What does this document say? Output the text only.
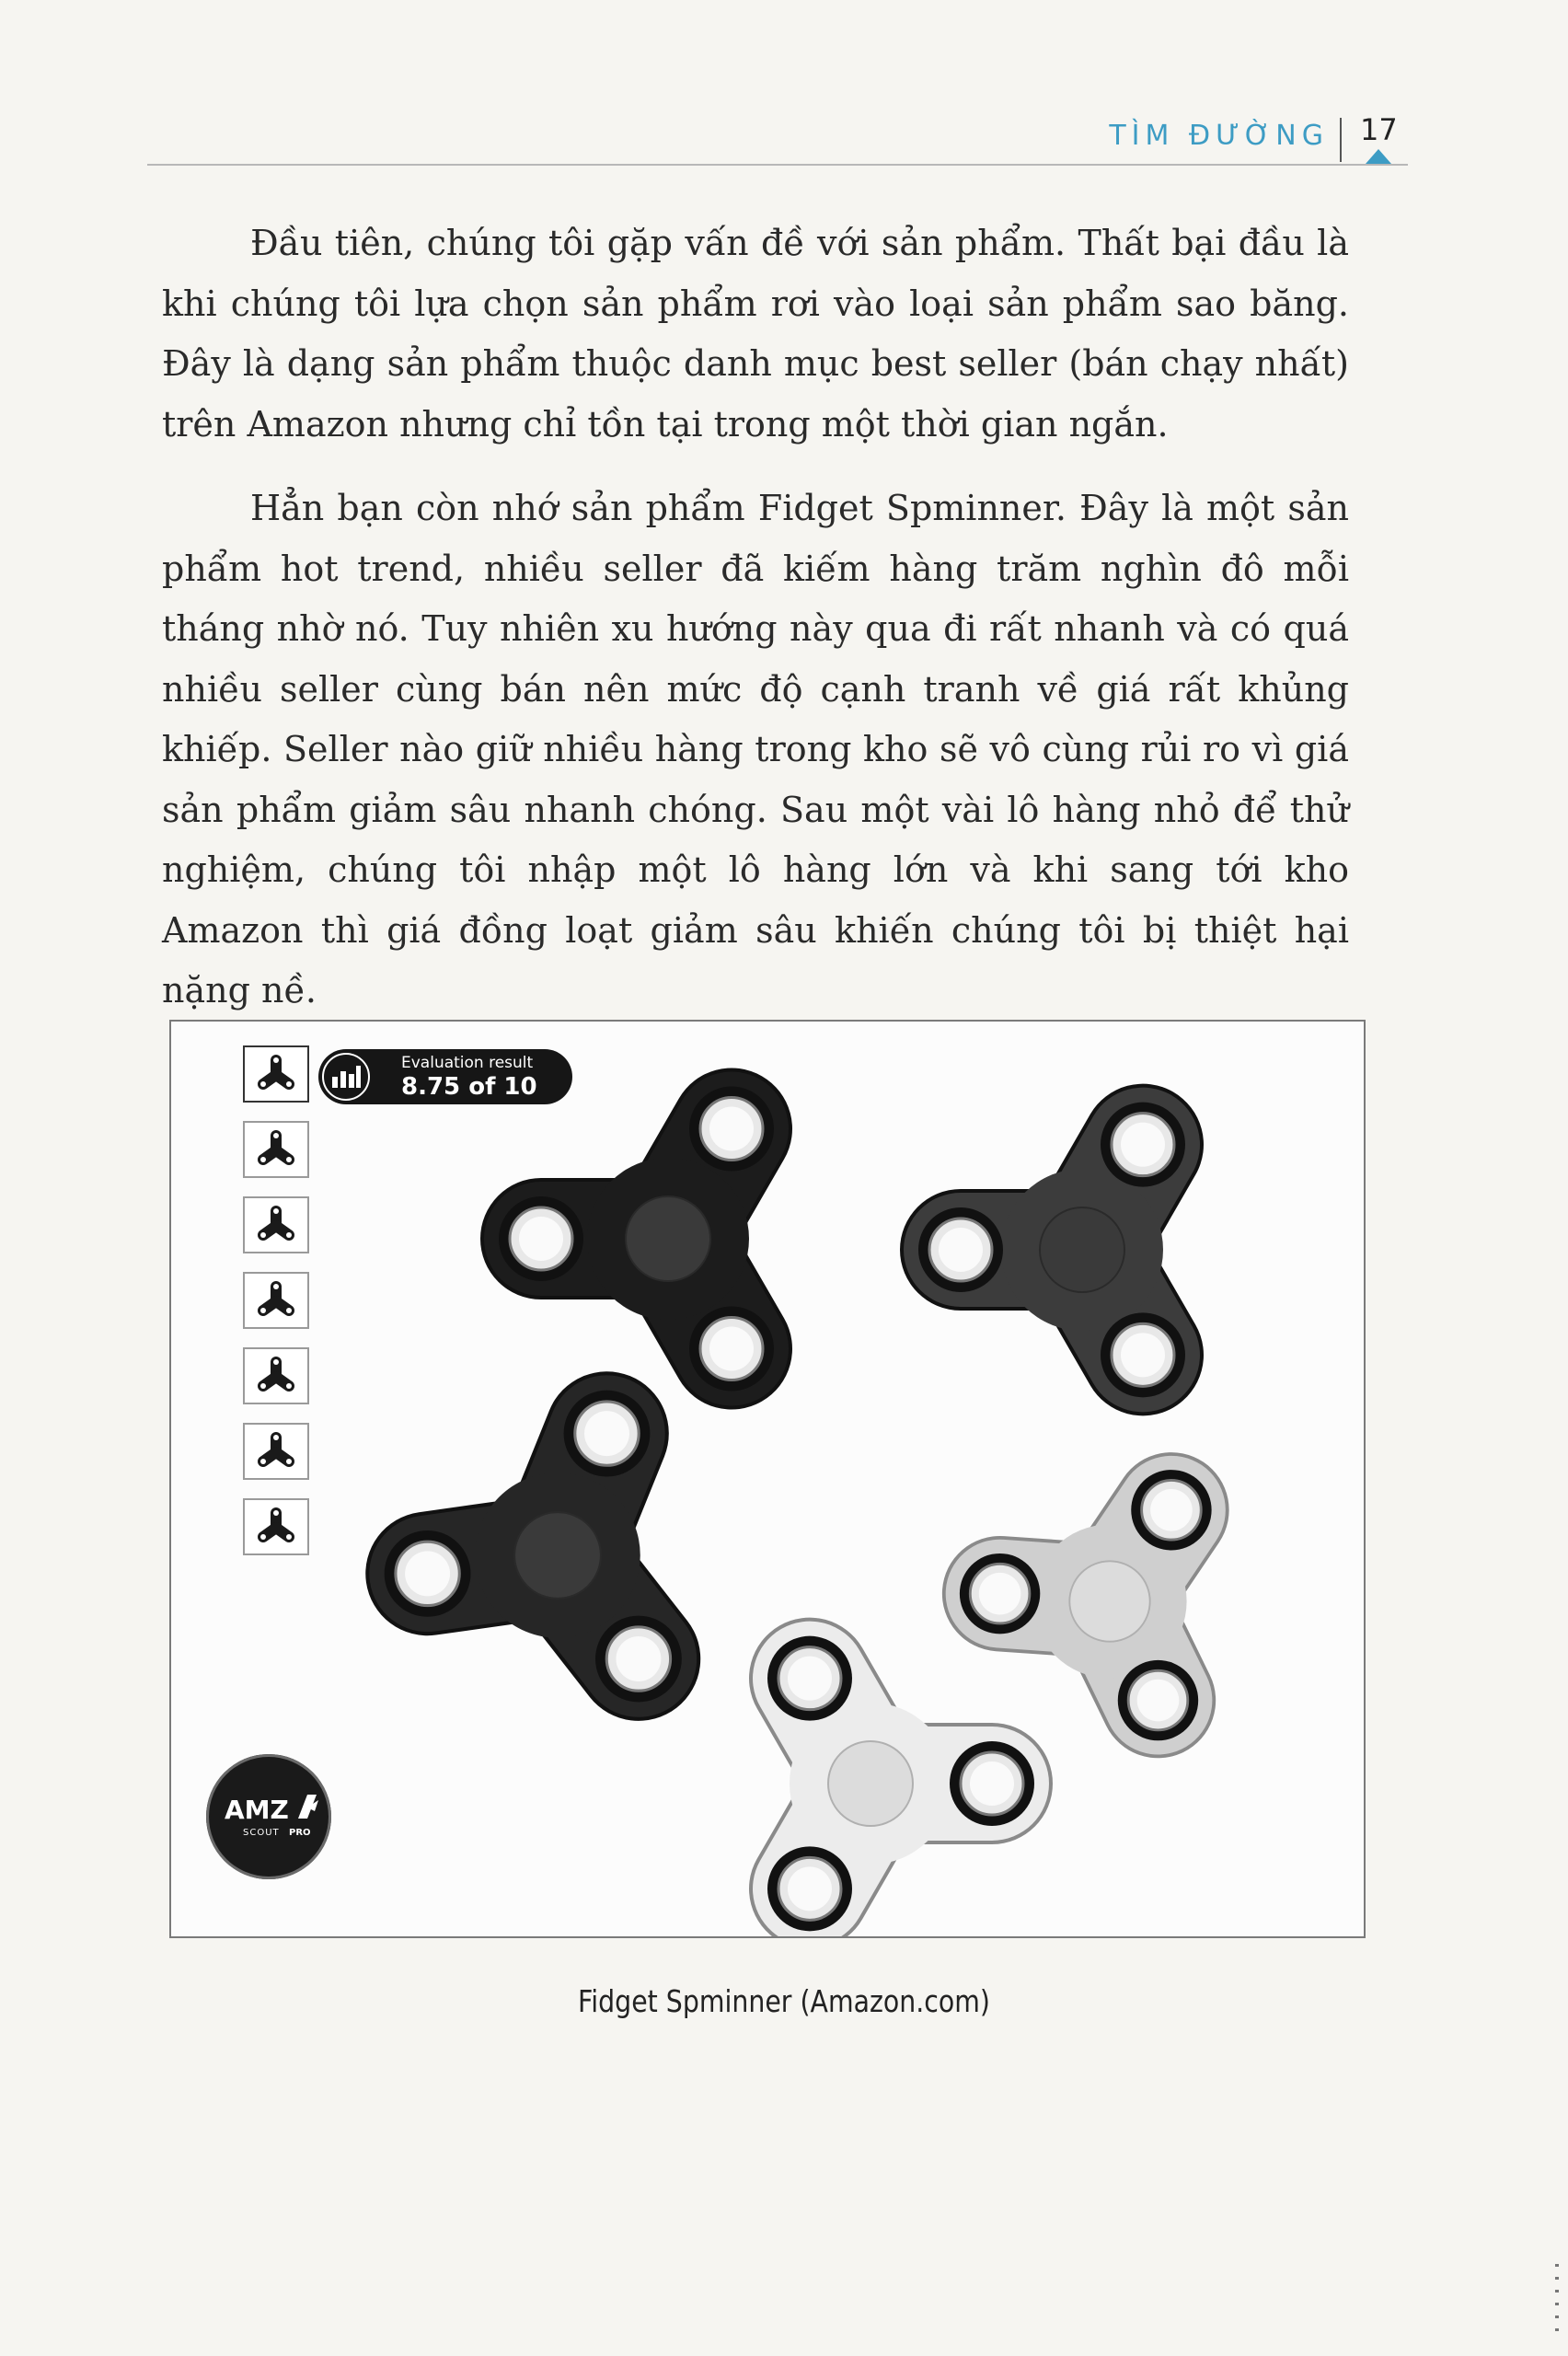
TÌM ĐƯỜNG 17

Đầu tiên, chúng tôi gặp vấn đề với sản phẩm. Thất bại đầu là khi chúng tôi lựa chọn sản phẩm rơi vào loại sản phẩm sao băng. Đây là dạng sản phẩm thuộc danh mục best seller (bán chạy nhất) trên Amazon nhưng chỉ tồn tại trong một thời gian ngắn.

Hẳn bạn còn nhớ sản phẩm Fidget Spminner. Đây là một sản phẩm hot trend, nhiều seller đã kiếm hàng trăm nghìn đô mỗi tháng nhờ nó. Tuy nhiên xu hướng này qua đi rất nhanh và có quá nhiều seller cùng bán nên mức độ cạnh tranh về giá rất khủng khiếp. Seller nào giữ nhiều hàng trong kho sẽ vô cùng rủi ro vì giá sản phẩm giảm sâu nhanh chóng. Sau một vài lô hàng nhỏ để thử nghiệm, chúng tôi nhập một lô hàng lớn và khi sang tới kho Amazon thì giá đồng loạt giảm sâu khiến chúng tôi bị thiệt hại nặng nề.

Evaluation result
8.75 of 10
AMZ
SCOUT PRO
Fidget Spminner (Amazon.com)
